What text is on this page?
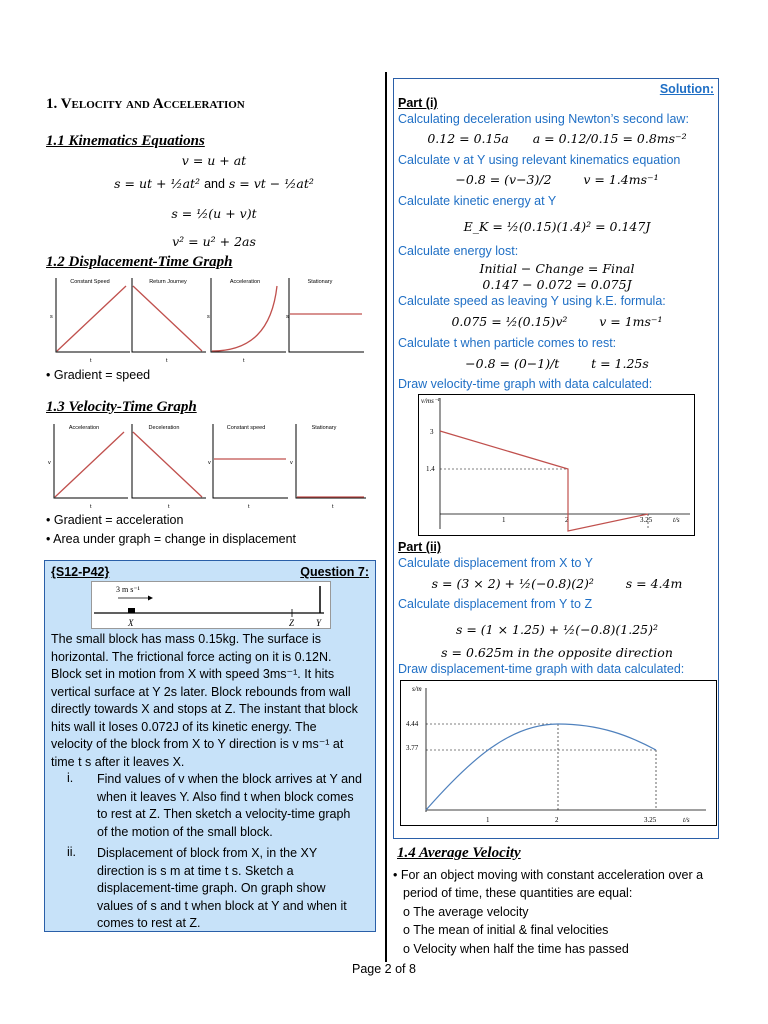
1. Velocity and Acceleration
1.1 Kinematics Equations
v = u + at
s = ut + ½at² and s = vt − ½at²
s = ½(u + v)t
v² = u² + 2as
1.2 Displacement-Time Graph
Constant Speed	Return Journey	Acceleration	Stationary
s	s	s
t	t	t
• Gradient = speed
1.3 Velocity-Time Graph
Acceleration	Deceleration	Constant speed	Stationary
v	v	v
t	t	t	t
• Gradient = acceleration
• Area under graph = change in displacement
{S12-P42}	Question 7:
3 m s⁻¹
X	Z Y
The small block has mass 0.15kg. The surface is
horizontal. The frictional force acting on it is 0.12N.
Block set in motion from X with speed 3ms⁻¹. It hits
vertical surface at Y 2s later. Block rebounds from wall
directly towards X and stops at Z. The instant that block
hits wall it loses 0.072J of its kinetic energy. The
velocity of the block from X to Y direction is v ms⁻¹ at
time t s after it leaves X.
i. Find values of v when the block arrives at Y and
when it leaves Y. Also find t when block comes
to rest at Z. Then sketch a velocity-time graph
of the motion of the small block.
ii. Displacement of block from X, in the XY
direction is s m at time t s. Sketch a
displacement-time graph. On graph show
values of s and t when block at Y and when it
comes to rest at Z.
Solution:
Part (i)
Calculating deceleration using Newton’s second law:
0.12 = 0.15a a = 0.12/0.15 = 0.8ms⁻²
Calculate v at Y using relevant kinematics equation
−0.8 = (v−3)/2	v = 1.4ms⁻¹
Calculate kinetic energy at Y
E_K = ½(0.15)(1.4)² = 0.147J
Calculate energy lost:
Initial − Change = Final
0.147 − 0.072 = 0.075J
Calculate speed as leaving Y using k.E. formula:
0.075 = ½(0.15)v²	v = 1ms⁻¹
Calculate t when particle comes to rest:
−0.8 = (0−1)/t	t = 1.25s
Draw velocity-time graph with data calculated:
v/ms⁻¹
3
1.4
1	2	3.25	t/s
Part (ii)
Calculate displacement from X to Y
s = (3 × 2) + ½(−0.8)(2)²	s = 4.4m
Calculate displacement from Y to Z
s = (1 × 1.25) + ½(−0.8)(1.25)²
s = 0.625m in the opposite direction
Draw displacement-time graph with data calculated:
s/m
4.44
3.77
1	2	3.25	t/s
1.4 Average Velocity
• For an object moving with constant acceleration over a
period of time, these quantities are equal:
o The average velocity
o The mean of initial & final velocities
o Velocity when half the time has passed
Page 2 of 8
